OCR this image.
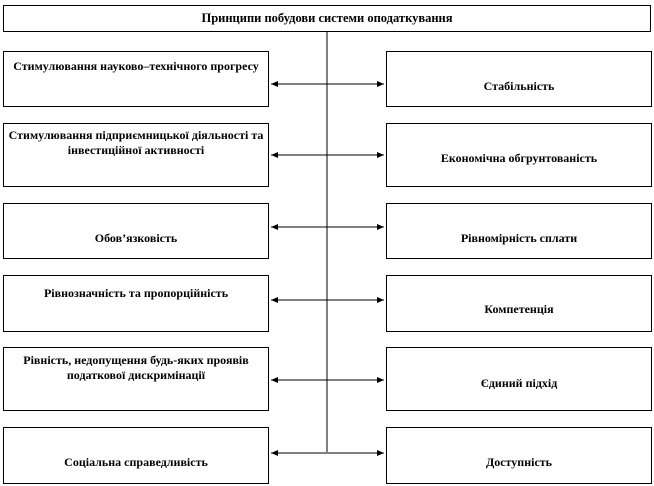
Принципи побудови системи оподаткування
Стимулювання науково–технічного прогресу
Стимулювання підприємницької діяльності та інвестиційної активності
Обов’язковість
Рівнозначність та пропорційність
Рівність, недопущення будь-яких проявів податкової дискримінації
Соціальна справедливість
Стабільність
Економічна обгрунтованість
Рівномірність сплати
Компетенція
Єдиний підхід
Доступність
